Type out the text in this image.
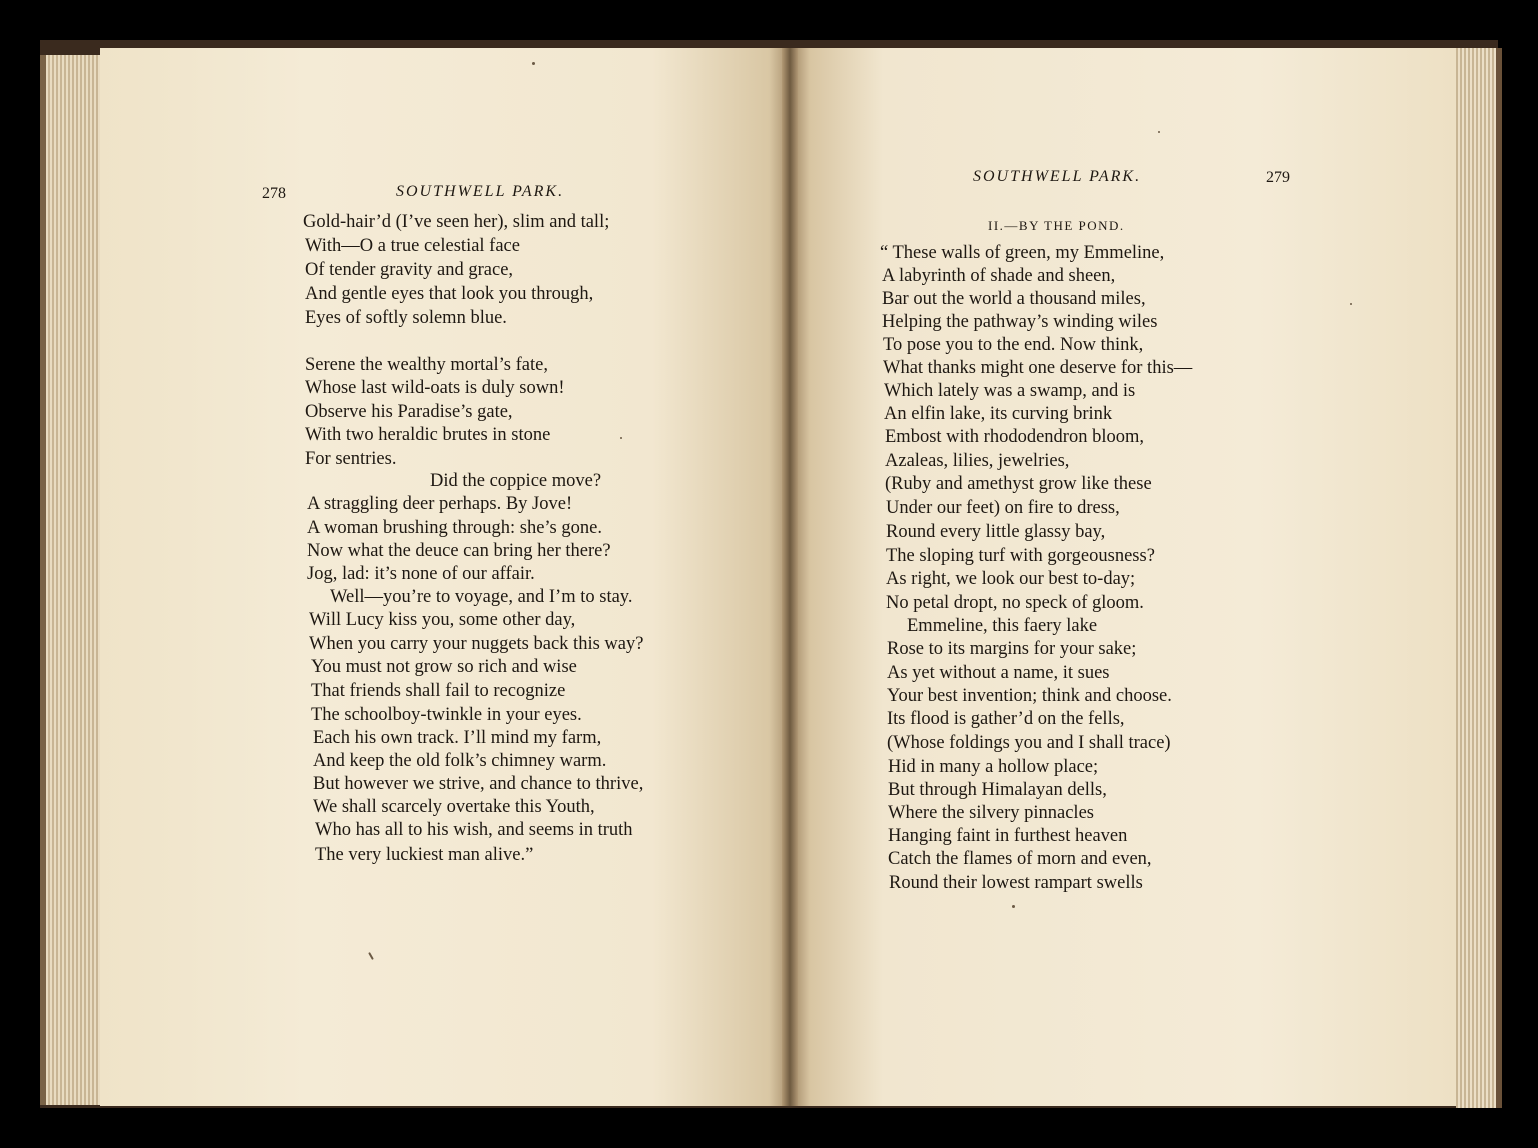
278	SOUTHWELL PARK.
Gold-hair’d (I’ve seen her), slim and tall;
With—O a true celestial face
Of tender gravity and grace,
And gentle eyes that look you through,
Eyes of softly solemn blue.
Serene the wealthy mortal’s fate,
Whose last wild-oats is duly sown!
Observe his Paradise’s gate,
With two heraldic brutes in stone
For sentries.
Did the coppice move?
A straggling deer perhaps. By Jove!
A woman brushing through: she’s gone.
Now what the deuce can bring her there?
Jog, lad: it’s none of our affair.
Well—you’re to voyage, and I’m to stay.
Will Lucy kiss you, some other day,
When you carry your nuggets back this way?
You must not grow so rich and wise
That friends shall fail to recognize
The schoolboy-twinkle in your eyes.
Each his own track. I’ll mind my farm,
And keep the old folk’s chimney warm.
But however we strive, and chance to thrive,
We shall scarcely overtake this Youth,
Who has all to his wish, and seems in truth
The very luckiest man alive.”
SOUTHWELL PARK.	279
II.—BY THE POND.
“ These walls of green, my Emmeline,
A labyrinth of shade and sheen,
Bar out the world a thousand miles,
Helping the pathway’s winding wiles
To pose you to the end. Now think,
What thanks might one deserve for this—
Which lately was a swamp, and is
An elfin lake, its curving brink
Embost with rhododendron bloom,
Azaleas, lilies, jewelries,
(Ruby and amethyst grow like these
Under our feet) on fire to dress,
Round every little glassy bay,
The sloping turf with gorgeousness?
As right, we look our best to-day;
No petal dropt, no speck of gloom.
Emmeline, this faery lake
Rose to its margins for your sake;
As yet without a name, it sues
Your best invention; think and choose.
Its flood is gather’d on the fells,
(Whose foldings you and I shall trace)
Hid in many a hollow place;
But through Himalayan dells,
Where the silvery pinnacles
Hanging faint in furthest heaven
Catch the flames of morn and even,
Round their lowest rampart swells
